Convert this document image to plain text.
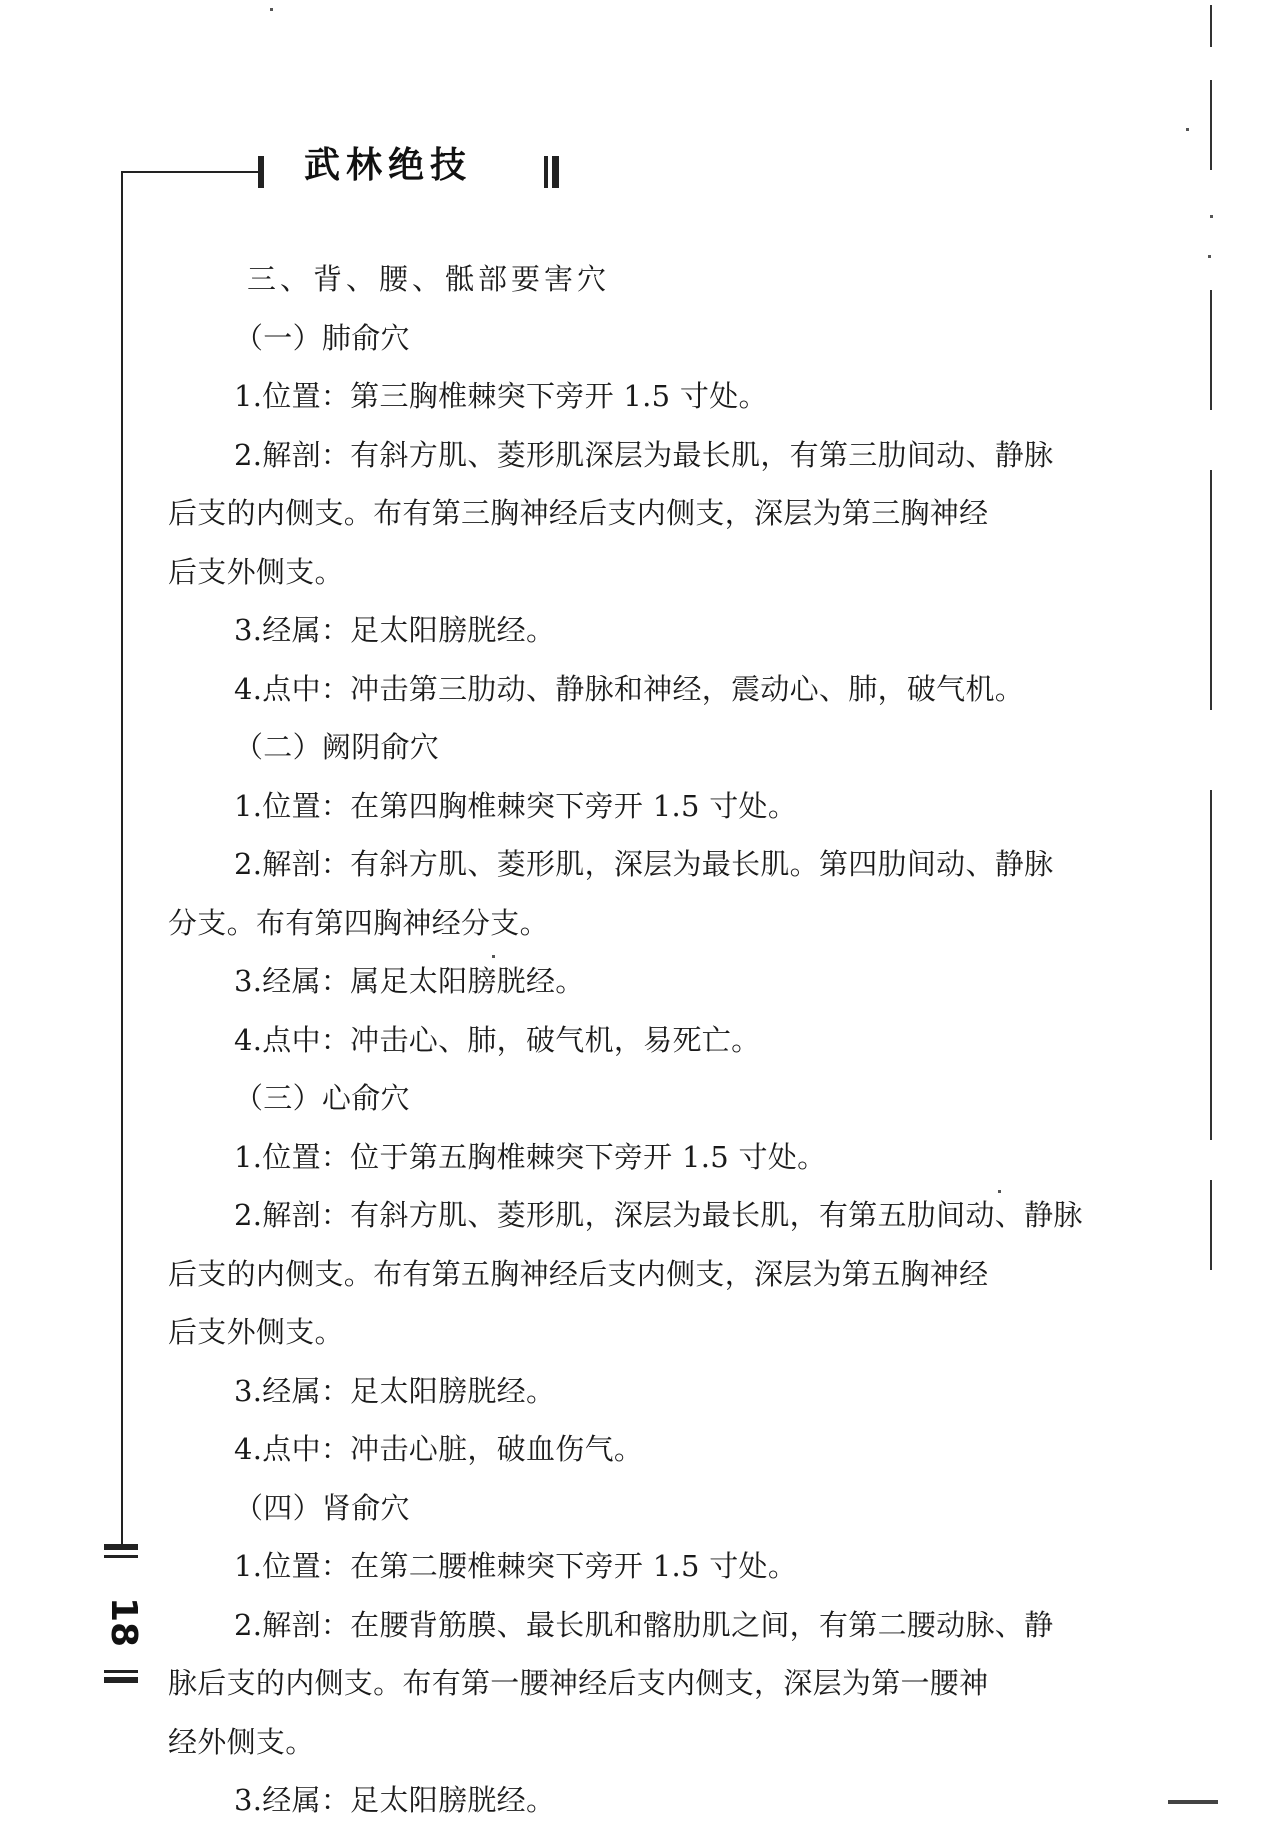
武林绝技
18
三、背、腰、骶部要害穴
（一）肺俞穴
1.位置：第三胸椎棘突下旁开 1.5 寸处。
2.解剖：有斜方肌、菱形肌深层为最长肌，有第三肋间动、静脉
后支的内侧支。布有第三胸神经后支内侧支，深层为第三胸神经
后支外侧支。
3.经属：足太阳膀胱经。
4.点中：冲击第三肋动、静脉和神经，震动心、肺，破气机。
（二）阙阴俞穴
1.位置：在第四胸椎棘突下旁开 1.5 寸处。
2.解剖：有斜方肌、菱形肌，深层为最长肌。第四肋间动、静脉
分支。布有第四胸神经分支。
3.经属：属足太阳膀胱经。
4.点中：冲击心、肺，破气机，易死亡。
（三）心俞穴
1.位置：位于第五胸椎棘突下旁开 1.5 寸处。
2.解剖：有斜方肌、菱形肌，深层为最长肌，有第五肋间动、静脉
后支的内侧支。布有第五胸神经后支内侧支，深层为第五胸神经
后支外侧支。
3.经属：足太阳膀胱经。
4.点中：冲击心脏，破血伤气。
（四）肾俞穴
1.位置：在第二腰椎棘突下旁开 1.5 寸处。
2.解剖：在腰背筋膜、最长肌和髂肋肌之间，有第二腰动脉、静
脉后支的内侧支。布有第一腰神经后支内侧支，深层为第一腰神
经外侧支。
3.经属：足太阳膀胱经。
